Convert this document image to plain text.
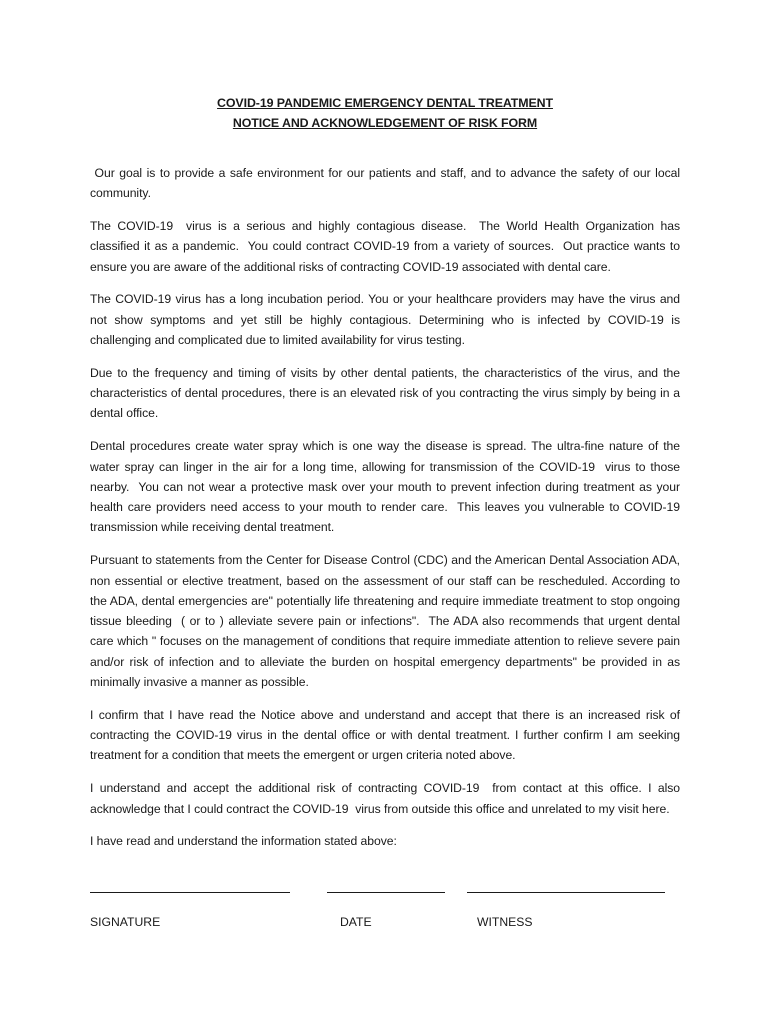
COVID-19 PANDEMIC EMERGENCY DENTAL TREATMENT
NOTICE AND ACKNOWLEDGEMENT OF RISK FORM

Our goal is to provide a safe environment for our patients and staff, and to advance the safety of our local community.

The COVID-19  virus is a serious and highly contagious disease.  The World Health Organization has classified it as a pandemic.  You could contract COVID-19 from a variety of sources.  Out practice wants to ensure you are aware of the additional risks of contracting COVID-19 associated with dental care.

The COVID-19 virus has a long incubation period. You or your healthcare providers may have the virus and not show symptoms and yet still be highly contagious. Determining who is infected by COVID-19 is challenging and complicated due to limited availability for virus testing.

Due to the frequency and timing of visits by other dental patients, the characteristics of the virus, and the characteristics of dental procedures, there is an elevated risk of you contracting the virus simply by being in a dental office.

Dental procedures create water spray which is one way the disease is spread. The ultra-fine nature of the water spray can linger in the air for a long time, allowing for transmission of the COVID-19  virus to those nearby.  You can not wear a protective mask over your mouth to prevent infection during treatment as your health care providers need access to your mouth to render care.  This leaves you vulnerable to COVID-19  transmission while receiving dental treatment.

Pursuant to statements from the Center for Disease Control (CDC) and the American Dental Association ADA, non essential or elective treatment, based on the assessment of our staff can be rescheduled. According to the ADA, dental emergencies are" potentially life threatening and require immediate treatment to stop ongoing tissue bleeding  ( or to ) alleviate severe pain or infections".  The ADA also recommends that urgent dental care which " focuses on the management of conditions that require immediate attention to relieve severe pain and/or risk of infection and to alleviate the burden on hospital emergency departments" be provided in as minimally invasive a manner as possible.

I confirm that I have read the Notice above and understand and accept that there is an increased risk of contracting the COVID-19 virus in the dental office or with dental treatment. I further confirm I am seeking treatment for a condition that meets the emergent or urgen criteria noted above.

I understand and accept the additional risk of contracting COVID-19  from contact at this office. I also acknowledge that I could contract the COVID-19  virus from outside this office and unrelated to my visit here.

I have read and understand the information stated above:

SIGNATURE	DATE	WITNESS
